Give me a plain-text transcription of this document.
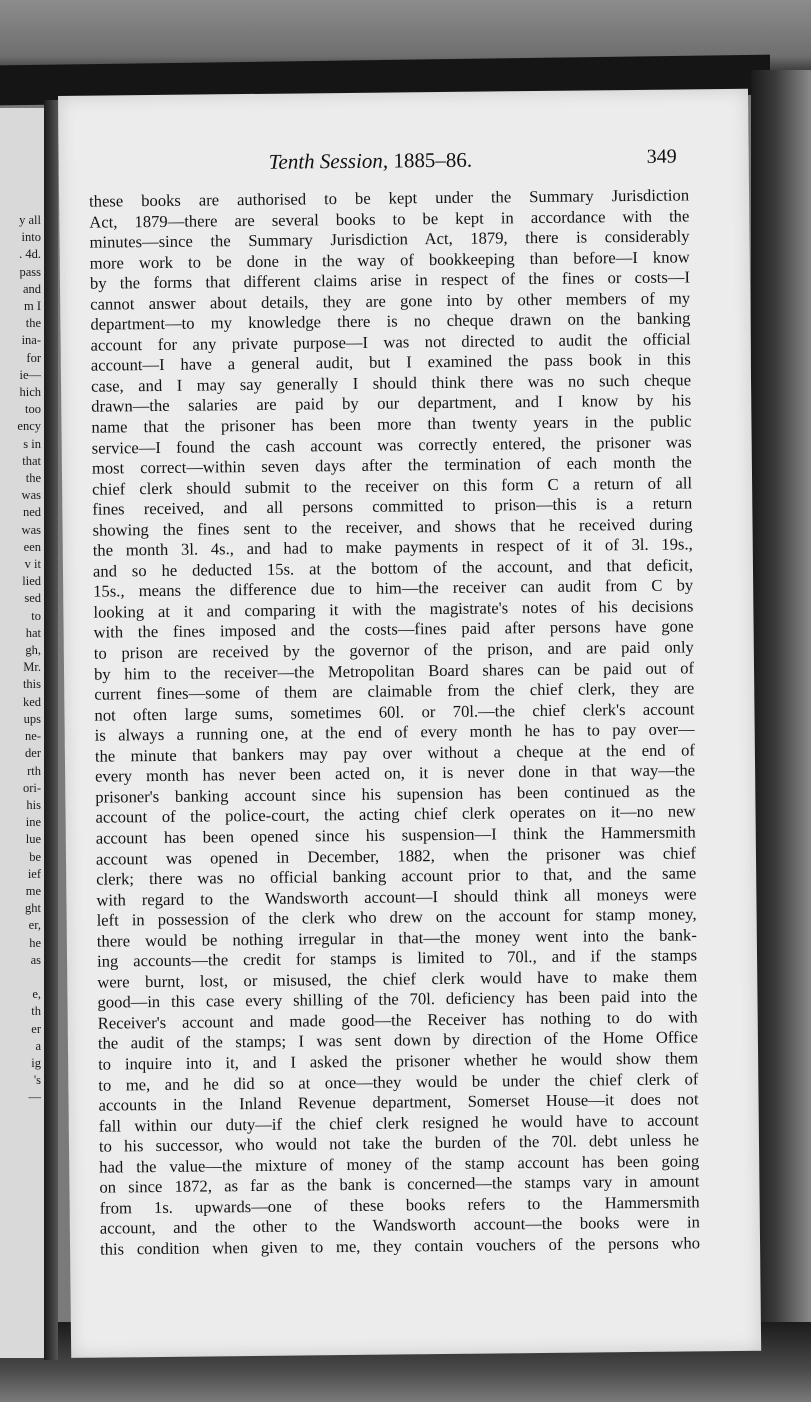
y all
into
. 4d.
pass
and
m I
the
ina-
for
ie—
hich
too
ency
s in
that
the
was
ned
was
een
v it
lied
sed
to
hat
gh,
Mr.
this
ked
ups
ne-
der
rth
ori-
his
ine
lue
be
ief
me
ght
er,
he
as

e,
th
er
a
ig
's
—
Tenth Session, 1885–86.	349
these books are authorised to be kept under the Summary Jurisdiction
Act, 1879—there are several books to be kept in accordance with the
minutes—since the Summary Jurisdiction Act, 1879, there is considerably
more work to be done in the way of bookkeeping than before—I know
by the forms that different claims arise in respect of the fines or costs—I
cannot answer about details, they are gone into by other members of my
department—to my knowledge there is no cheque drawn on the banking
account for any private purpose—I was not directed to audit the official
account—I have a general audit, but I examined the pass book in this
case, and I may say generally I should think there was no such cheque
drawn—the salaries are paid by our department, and I know by his
name that the prisoner has been more than twenty years in the public
service—I found the cash account was correctly entered, the prisoner was
most correct—within seven days after the termination of each month the
chief clerk should submit to the receiver on this form C a return of all
fines received, and all persons committed to prison—this is a return
showing the fines sent to the receiver, and shows that he received during
the month 3l. 4s., and had to make payments in respect of it of 3l. 19s.,
and so he deducted 15s. at the bottom of the account, and that deficit,
15s., means the difference due to him—the receiver can audit from C by
looking at it and comparing it with the magistrate's notes of his decisions
with the fines imposed and the costs—fines paid after persons have gone
to prison are received by the governor of the prison, and are paid only
by him to the receiver—the Metropolitan Board shares can be paid out of
current fines—some of them are claimable from the chief clerk, they are
not often large sums, sometimes 60l. or 70l.—the chief clerk's account
is always a running one, at the end of every month he has to pay over—
the minute that bankers may pay over without a cheque at the end of
every month has never been acted on, it is never done in that way—the
prisoner's banking account since his supension has been continued as the
account of the police-court, the acting chief clerk operates on it—no new
account has been opened since his suspension—I think the Hammersmith
account was opened in December, 1882, when the prisoner was chief
clerk; there was no official banking account prior to that, and the same
with regard to the Wandsworth account—I should think all moneys were
left in possession of the clerk who drew on the account for stamp money,
there would be nothing irregular in that—the money went into the bank-
ing accounts—the credit for stamps is limited to 70l., and if the stamps
were burnt, lost, or misused, the chief clerk would have to make them
good—in this case every shilling of the 70l. deficiency has been paid into the
Receiver's account and made good—the Receiver has nothing to do with
the audit of the stamps; I was sent down by direction of the Home Office
to inquire into it, and I asked the prisoner whether he would show them
to me, and he did so at once—they would be under the chief clerk of
accounts in the Inland Revenue department, Somerset House—it does not
fall within our duty—if the chief clerk resigned he would have to account
to his successor, who would not take the burden of the 70l. debt unless he
had the value—the mixture of money of the stamp account has been going
on since 1872, as far as the bank is concerned—the stamps vary in amount
from 1s. upwards—one of these books refers to the Hammersmith
account, and the other to the Wandsworth account—the books were in
this condition when given to me, they contain vouchers of the persons who
